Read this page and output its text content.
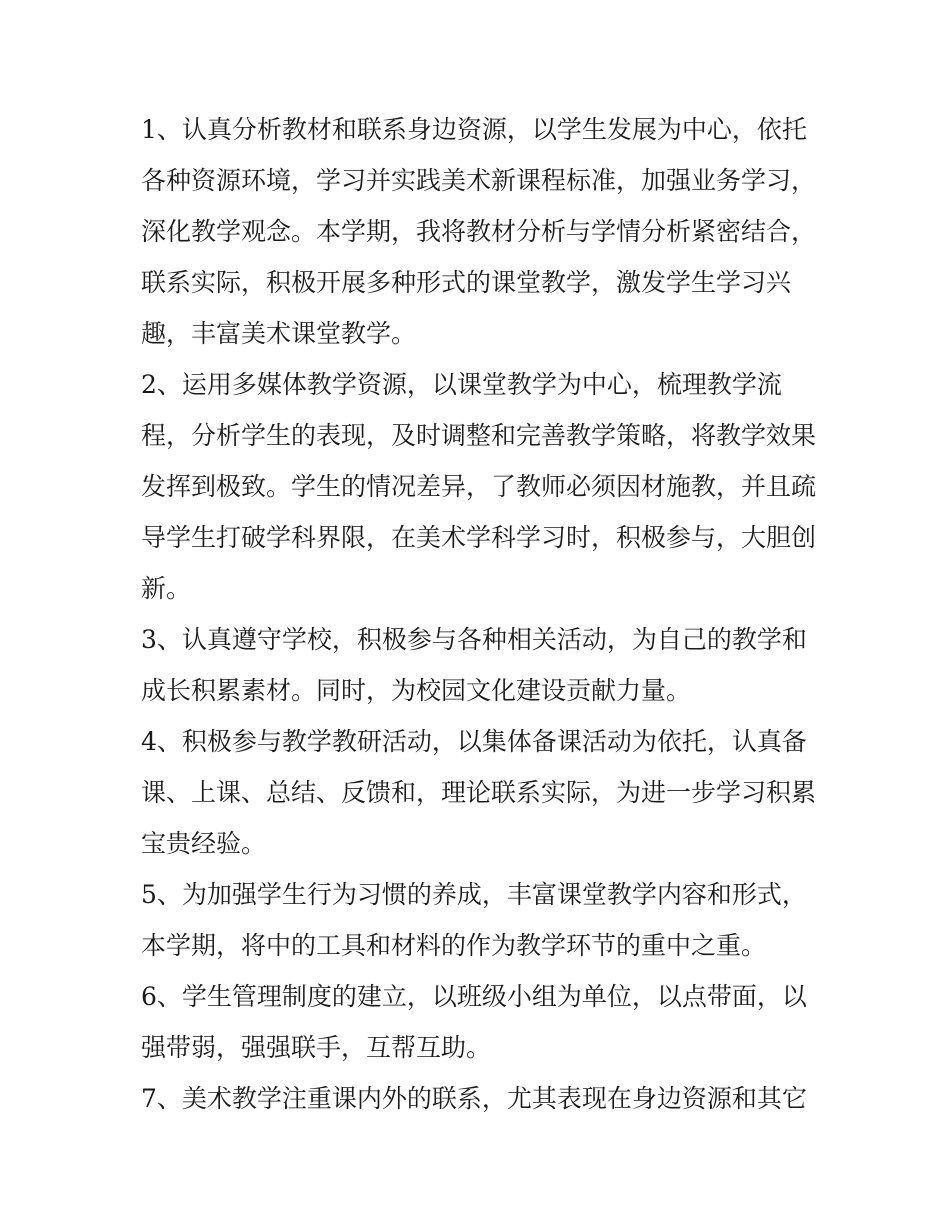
1、认真分析教材和联系身边资源，以学生发展为中心，依托
各种资源环境，学习并实践美术新课程标准，加强业务学习，
深化教学观念。本学期，我将教材分析与学情分析紧密结合，
联系实际，积极开展多种形式的课堂教学，激发学生学习兴
趣，丰富美术课堂教学。
2、运用多媒体教学资源，以课堂教学为中心，梳理教学流
程，分析学生的表现，及时调整和完善教学策略，将教学效果
发挥到极致。学生的情况差异，了教师必须因材施教，并且疏
导学生打破学科界限，在美术学科学习时，积极参与，大胆创
新。
3、认真遵守学校，积极参与各种相关活动，为自己的教学和
成长积累素材。同时，为校园文化建设贡献力量。
4、积极参与教学教研活动，以集体备课活动为依托，认真备
课、上课、总结、反馈和，理论联系实际，为进一步学习积累
宝贵经验。
5、为加强学生行为习惯的养成，丰富课堂教学内容和形式，
本学期，将中的工具和材料的作为教学环节的重中之重。
6、学生管理制度的建立，以班级小组为单位，以点带面，以
强带弱，强强联手，互帮互助。
7、美术教学注重课内外的联系，尤其表现在身边资源和其它
